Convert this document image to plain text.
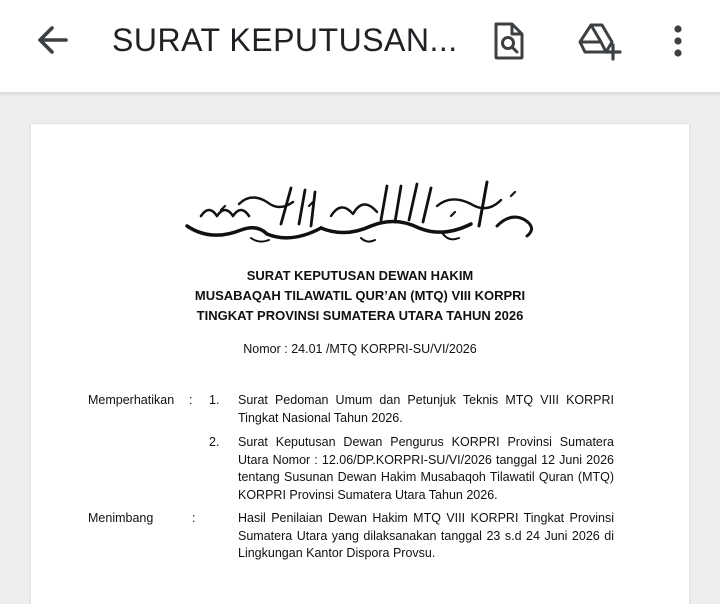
SURAT KEPUTUSAN...
SURAT KEPUTUSAN DEWAN HAKIM
MUSABAQAH TILAWATIL QUR’AN (MTQ) VIII KORPRI
TINGKAT PROVINSI SUMATERA UTARA TAHUN 2026
Nomor : 24.01 /MTQ KORPRI-SU/VI/2026
Memperhatikan : 1. Surat Pedoman Umum dan Petunjuk Teknis MTQ VIII KORPRI Tingkat Nasional Tahun 2026.
2. Surat Keputusan Dewan Pengurus KORPRI Provinsi Sumatera Utara Nomor : 12.06/DP.KORPRI-SU/VI/2026 tanggal 12 Juni 2026 tentang Susunan Dewan Hakim Musabaqoh Tilawatil Quran (MTQ) KORPRI Provinsi Sumatera Utara Tahun 2026.
Menimbang	:	Hasil Penilaian Dewan Hakim MTQ VIII KORPRI Tingkat Provinsi Sumatera Utara yang dilaksanakan tanggal 23 s.d 24 Juni 2026 di Lingkungan Kantor Dispora Provsu.
